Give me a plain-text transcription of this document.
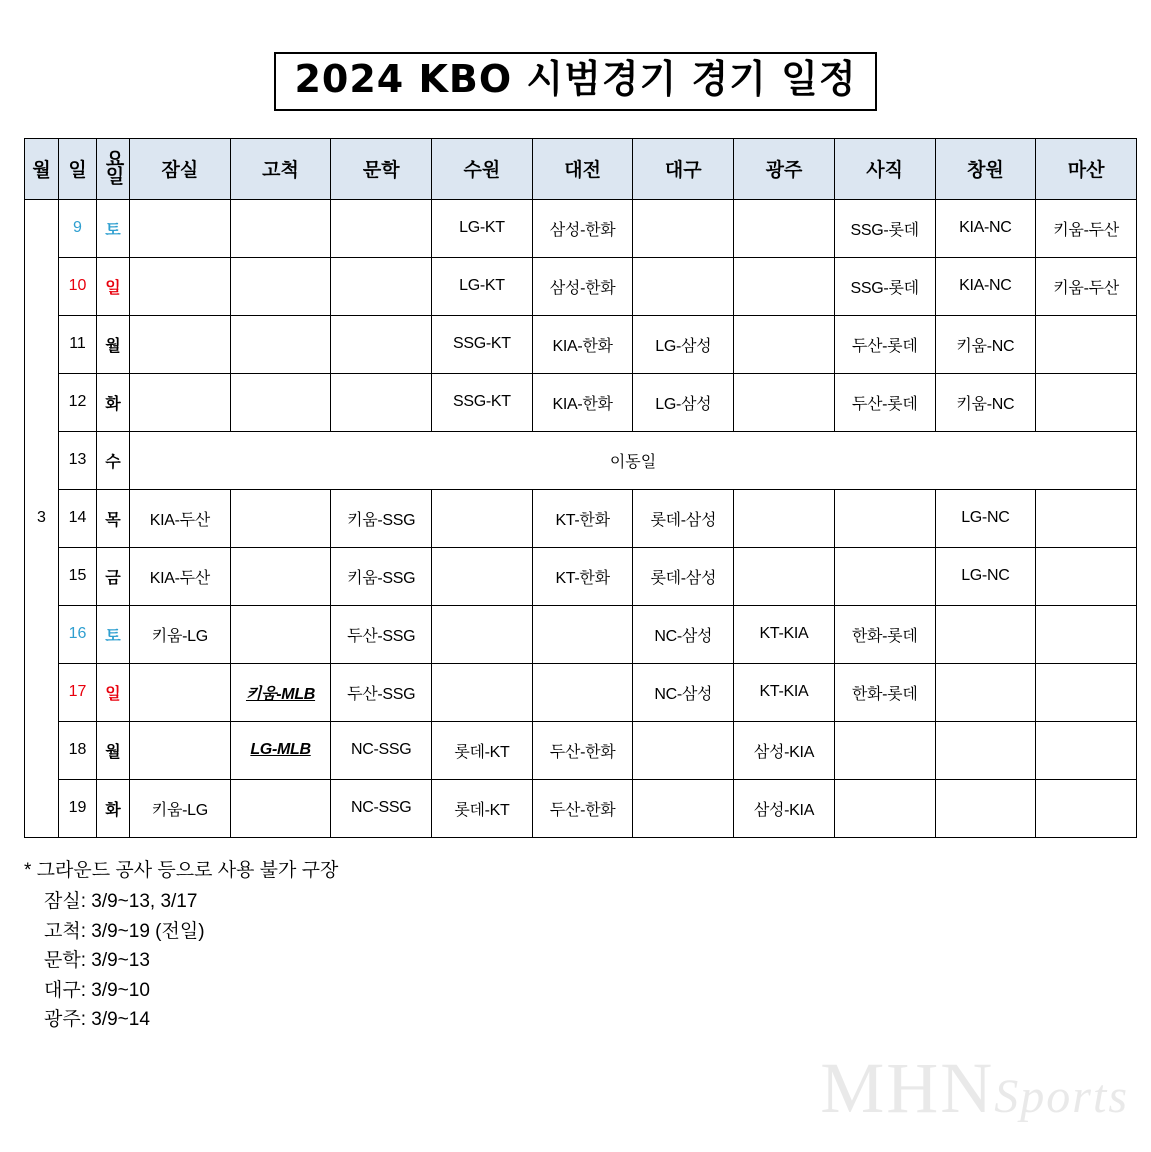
2024 KBO 시범경기 경기 일정
월	일	요일	잠실	고척	문학	수원	대전	대구	광주	사직	창원	마산
3	9	토				LG-KT	삼성-한화			SSG-롯데	KIA-NC	키움-두산
	10	일				LG-KT	삼성-한화			SSG-롯데	KIA-NC	키움-두산
	11	월				SSG-KT	KIA-한화	LG-삼성		두산-롯데	키움-NC	
	12	화				SSG-KT	KIA-한화	LG-삼성		두산-롯데	키움-NC	
	13	수	이동일									
	14	목	KIA-두산		키움-SSG		KT-한화	롯데-삼성			LG-NC	
	15	금	KIA-두산		키움-SSG		KT-한화	롯데-삼성			LG-NC	
	16	토	키움-LG		두산-SSG			NC-삼성	KT-KIA	한화-롯데		
	17	일		키움-MLB	두산-SSG			NC-삼성	KT-KIA	한화-롯데		
	18	월		LG-MLB	NC-SSG	롯데-KT	두산-한화		삼성-KIA			
	19	화	키움-LG		NC-SSG	롯데-KT	두산-한화		삼성-KIA			
* 그라운드 공사 등으로 사용 불가 구장
잠실: 3/9~13, 3/17
고척: 3/9~19 (전일)
문학: 3/9~13
대구: 3/9~10
광주: 3/9~14
MHNSports
